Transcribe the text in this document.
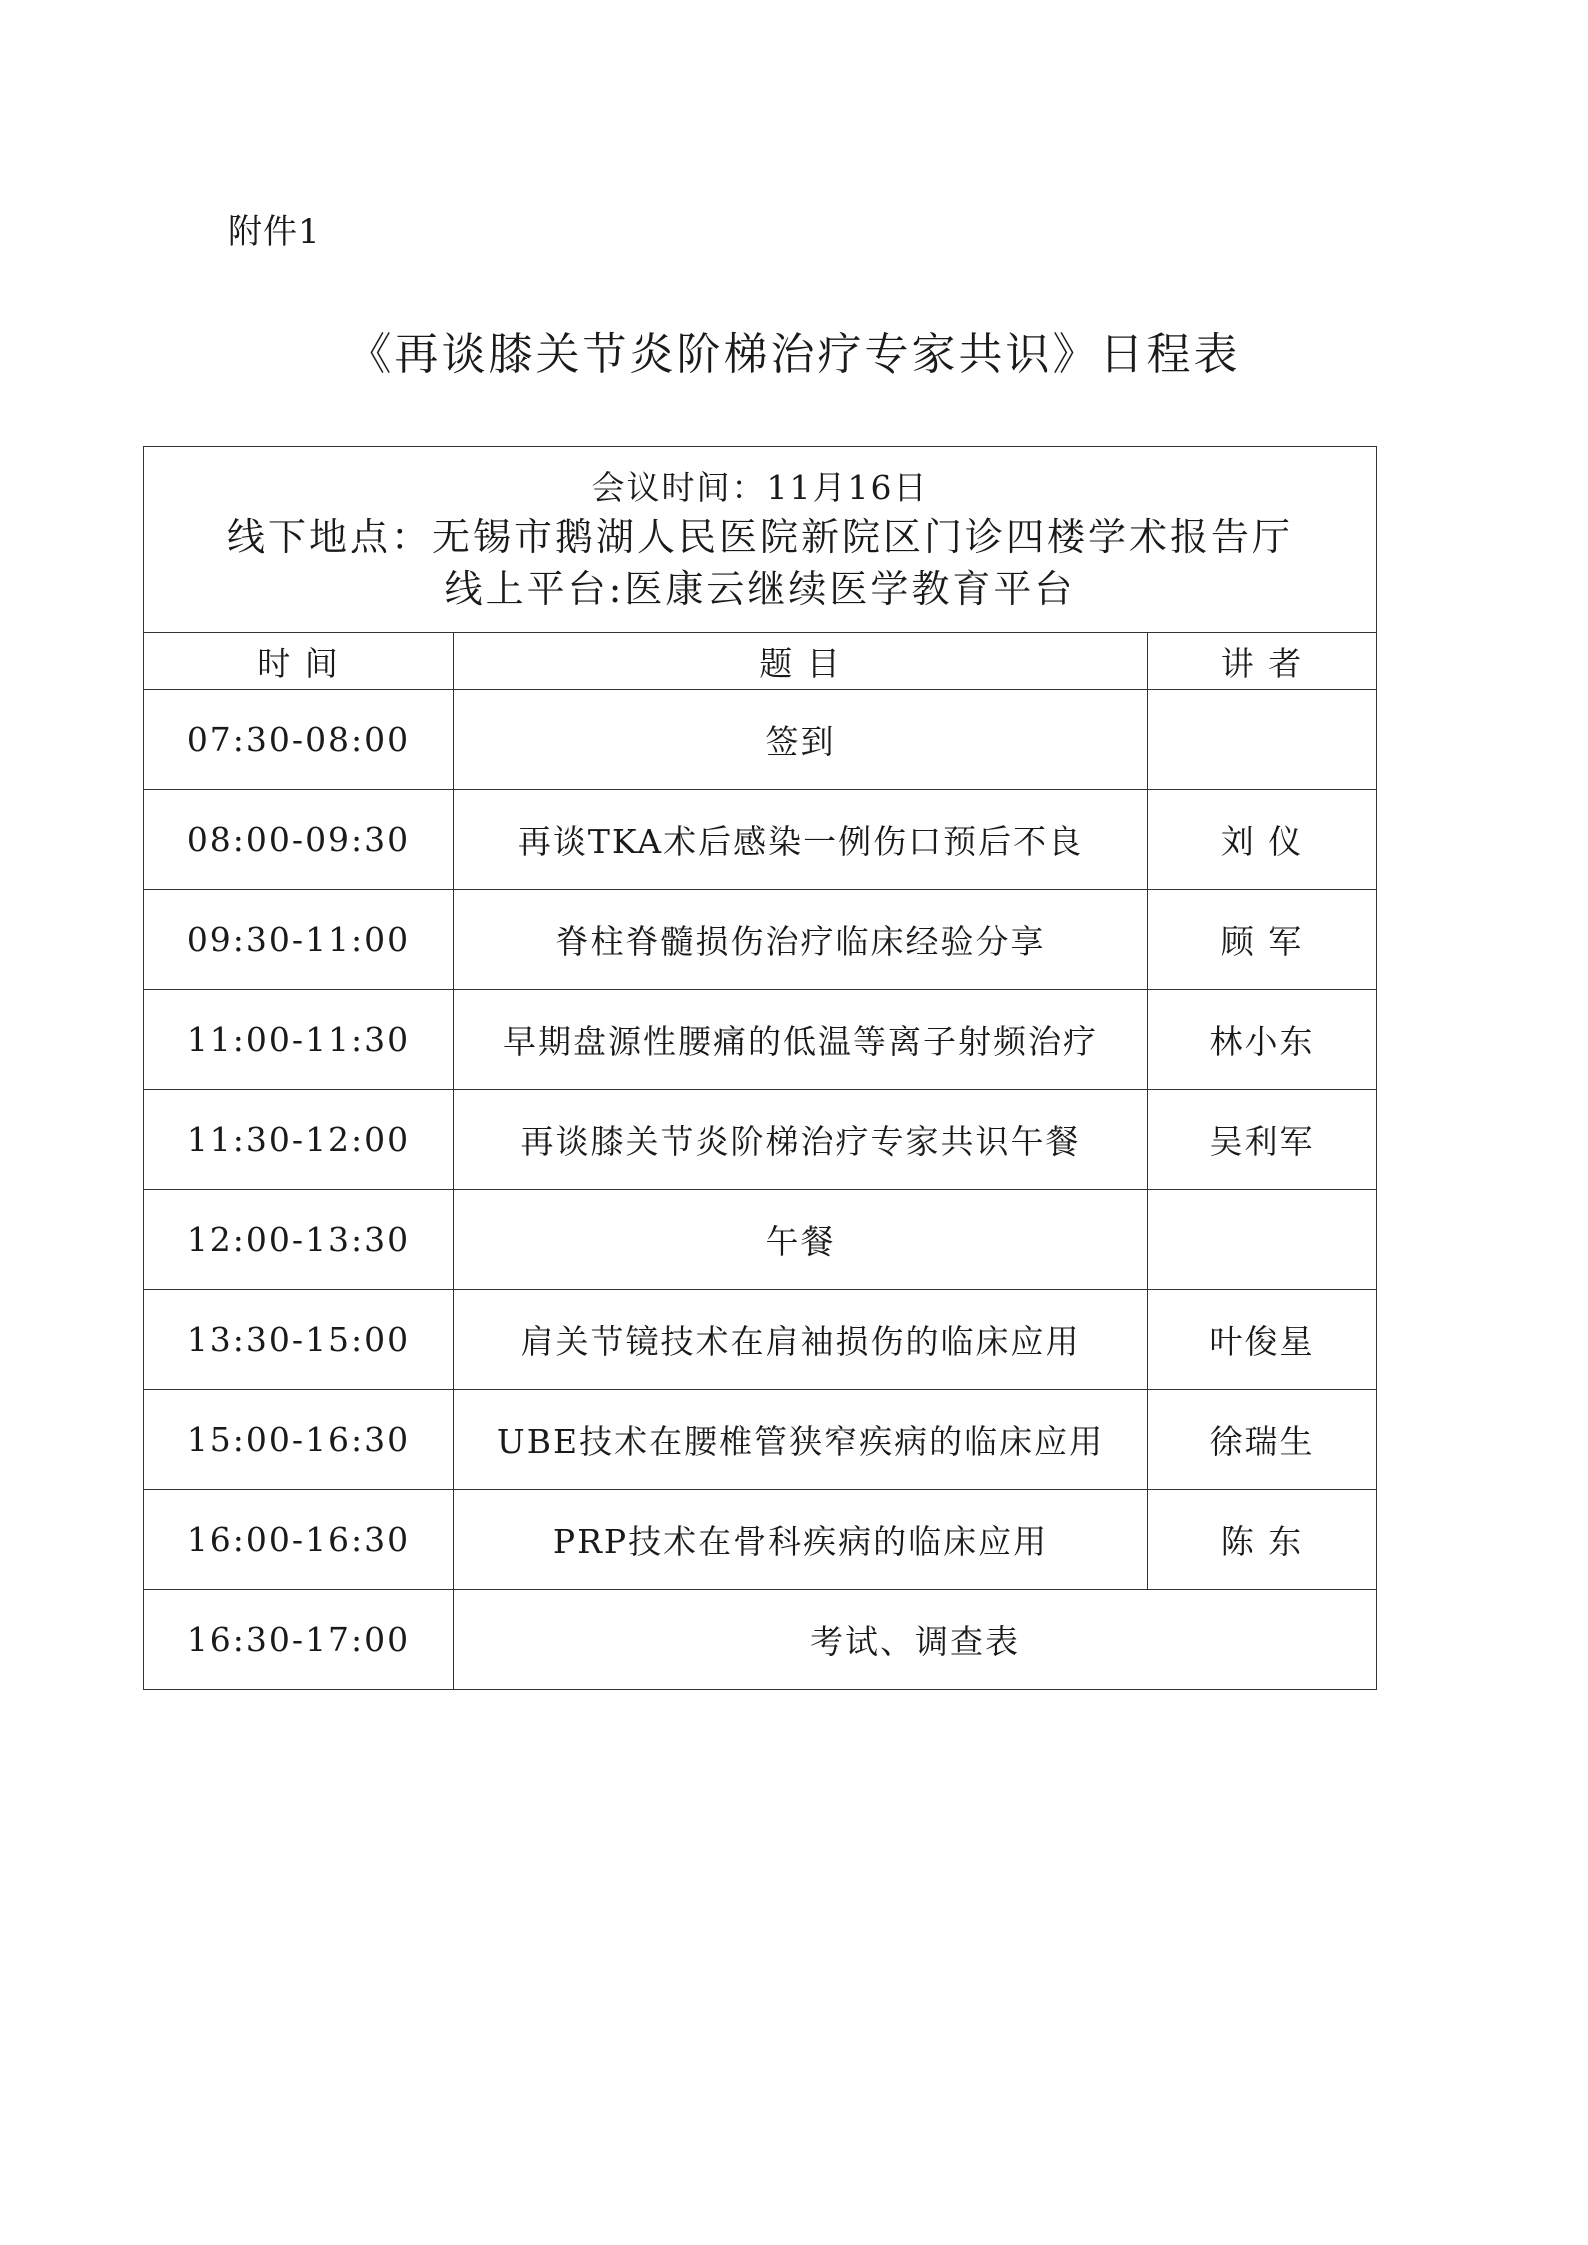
附件1
《再谈膝关节炎阶梯治疗专家共识》日程表
会议时间：11月16日
线下地点：无锡市鹅湖人民医院新院区门诊四楼学术报告厅
线上平台:医康云继续医学教育平台		

时 间	题 目	讲 者
07:30-08:00	签到	
08:00-09:30	再谈TKA术后感染一例伤口预后不良	刘 仪
09:30-11:00	脊柱脊髓损伤治疗临床经验分享	顾 军
11:00-11:30	早期盘源性腰痛的低温等离子射频治疗	林小东
11:30-12:00	再谈膝关节炎阶梯治疗专家共识午餐	吴利军
12:00-13:30	午餐	
13:30-15:00	肩关节镜技术在肩袖损伤的临床应用	叶俊星
15:00-16:30	UBE技术在腰椎管狭窄疾病的临床应用	徐瑞生
16:00-16:30	PRP技术在骨科疾病的临床应用	陈 东
16:30-17:00	考试、调查表	
